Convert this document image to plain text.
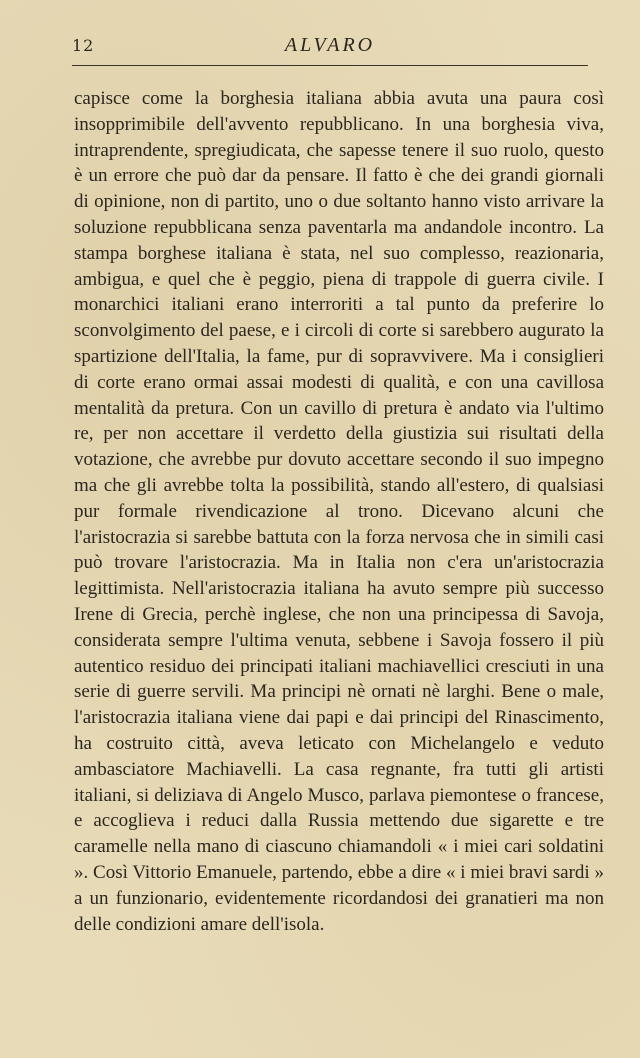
12	ALVARO

capisce come la borghesia italiana abbia avuta una paura così insopprimibile dell'avvento repubblicano. In una borghesia viva, intraprendente, spregiudicata, che sapesse tenere il suo ruolo, questo è un errore che può dar da pensare. Il fatto è che dei grandi giornali di opinione, non di partito, uno o due soltanto hanno visto arrivare la soluzione repubblicana senza paventarla ma andandole incontro. La stampa borghese italiana è stata, nel suo complesso, reazionaria, ambigua, e quel che è peggio, piena di trappole di guerra civile. I monarchici italiani erano interroriti a tal punto da preferire lo sconvolgimento del paese, e i circoli di corte si sarebbero augurato la spartizione dell'Italia, la fame, pur di sopravvivere. Ma i consiglieri di corte erano ormai assai modesti di qualità, e con una cavillosa mentalità da pretura. Con un cavillo di pretura è andato via l'ultimo re, per non accettare il verdetto della giustizia sui risultati della votazione, che avrebbe pur dovuto accettare secondo il suo impegno ma che gli avrebbe tolta la possibilità, stando all'estero, di qualsiasi pur formale rivendicazione al trono. Dicevano alcuni che l'aristocrazia si sarebbe battuta con la forza nervosa che in simili casi può trovare l'aristocrazia. Ma in Italia non c'era un'aristocrazia legittimista. Nell'aristocrazia italiana ha avuto sempre più successo Irene di Grecia, perchè inglese, che non una principessa di Savoja, considerata sempre l'ultima venuta, sebbene i Savoja fossero il più autentico residuo dei principati italiani machiavellici cresciuti in una serie di guerre servili. Ma principi nè ornati nè larghi. Bene o male, l'aristocrazia italiana viene dai papi e dai principi del Rinascimento, ha costruito città, aveva leticato con Michelangelo e veduto ambasciatore Machiavelli. La casa regnante, fra tutti gli artisti italiani, si deliziava di Angelo Musco, parlava piemontese o francese, e accoglieva i reduci dalla Russia mettendo due sigarette e tre caramelle nella mano di ciascuno chiamandoli « i miei cari soldatini ». Così Vittorio Emanuele, partendo, ebbe a dire « i miei bravi sardi » a un funzionario, evidentemente ricordandosi dei granatieri ma non delle condizioni amare dell'isola.
